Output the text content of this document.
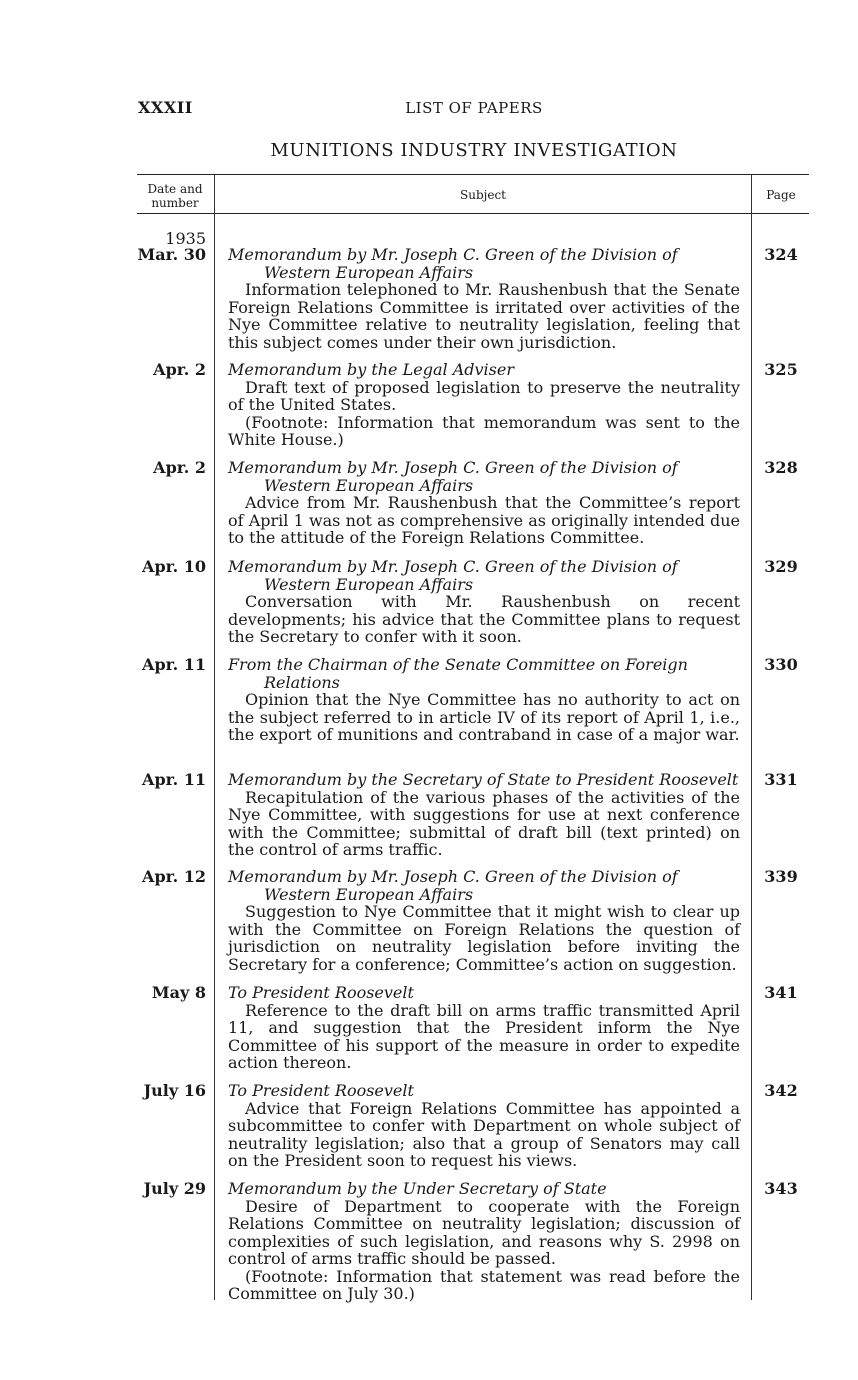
XXXII	LIST OF PAPERS
MUNITIONS INDUSTRY INVESTIGATION
Date and
number
Subject	Page
1935
Mar. 30 Memorandum by Mr. Joseph C. Green of the Division of Western European Affairs
Information telephoned to Mr. Raushenbush that the Senate Foreign Relations Committee is irritated over activities of the Nye Committee relative to neutrality legislation, feeling that this subject comes under their own jurisdiction.
324
Apr. 2 Memorandum by the Legal Adviser
Draft text of proposed legislation to preserve the neutrality of the United States.
(Footnote: Information that memorandum was sent to the White House.)
325
Apr. 2 Memorandum by Mr. Joseph C. Green of the Division of Western European Affairs
Advice from Mr. Raushenbush that the Committee’s report of April 1 was not as comprehensive as originally intended due to the attitude of the Foreign Relations Committee.
328
Apr. 10 Memorandum by Mr. Joseph C. Green of the Division of Western European Affairs
Conversation with Mr. Raushenbush on recent developments; his advice that the Committee plans to request the Secretary to confer with it soon.
329
Apr. 11 From the Chairman of the Senate Committee on Foreign Relations
Opinion that the Nye Committee has no authority to act on the subject referred to in article IV of its report of April 1, i.e., the export of munitions and contraband in case of a major war.
330
Apr. 11 Memorandum by the Secretary of State to President Roosevelt
Recapitulation of the various phases of the activities of the Nye Committee, with suggestions for use at next conference with the Committee; submittal of draft bill (text printed) on the control of arms traffic.
331
Apr. 12 Memorandum by Mr. Joseph C. Green of the Division of Western European Affairs
Suggestion to Nye Committee that it might wish to clear up with the Committee on Foreign Relations the question of jurisdiction on neutrality legislation before inviting the Secretary for a conference; Committee’s action on suggestion.
339
May 8 To President Roosevelt
Reference to the draft bill on arms traffic transmitted April 11, and suggestion that the President inform the Nye Committee of his support of the measure in order to expedite action thereon.
341
July 16 To President Roosevelt
Advice that Foreign Relations Committee has appointed a subcommittee to confer with Department on whole subject of neutrality legislation; also that a group of Senators may call on the President soon to request his views.
342
July 29 Memorandum by the Under Secretary of State
Desire of Department to cooperate with the Foreign Relations Committee on neutrality legislation; discussion of complexities of such legislation, and reasons why S. 2998 on control of arms traffic should be passed.
(Footnote: Information that statement was read before the Committee on July 30.)
343
